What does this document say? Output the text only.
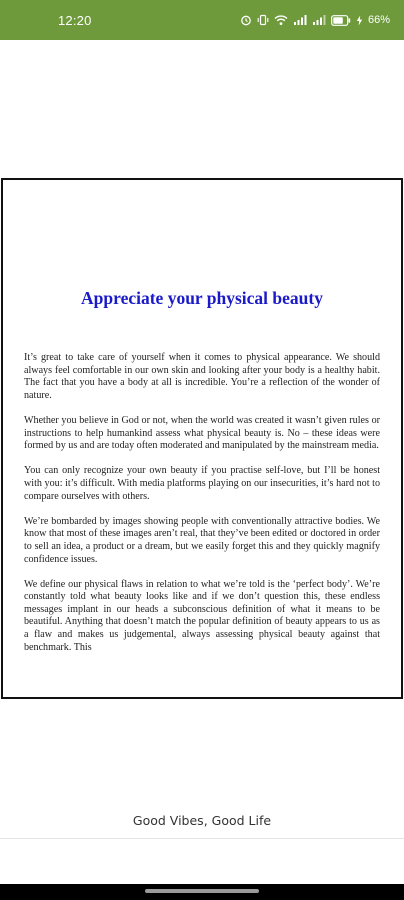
12:20	66%
Appreciate your physical beauty

It’s great to take care of yourself when it comes to physical appearance. We should always feel comfortable in our own skin and looking after your body is a healthy habit. The fact that you have a body at all is incredible. You’re a reflection of the wonder of nature.

Whether you believe in God or not, when the world was created it wasn’t given rules or instructions to help humankind assess what physical beauty is. No – these ideas were formed by us and are today often moderated and manipulated by the mainstream media.

You can only recognize your own beauty if you practise self-love, but I’ll be honest with you: it’s difficult. With media platforms playing on our insecurities, it’s hard not to compare ourselves with others.

We’re bombarded by images showing people with conventionally attractive bodies. We know that most of these images aren’t real, that they’ve been edited or doctored in order to sell an idea, a product or a dream, but we easily forget this and they quickly magnify confidence issues.

We define our physical flaws in relation to what we’re told is the ‘perfect body’. We’re constantly told what beauty looks like and if we don’t question this, these endless messages implant in our heads a subconscious definition of what it means to be beautiful. Anything that doesn’t match the popular definition of beauty appears to us as a flaw and makes us judgemental, always assessing physical beauty against that benchmark. This

Good Vibes, Good Life
